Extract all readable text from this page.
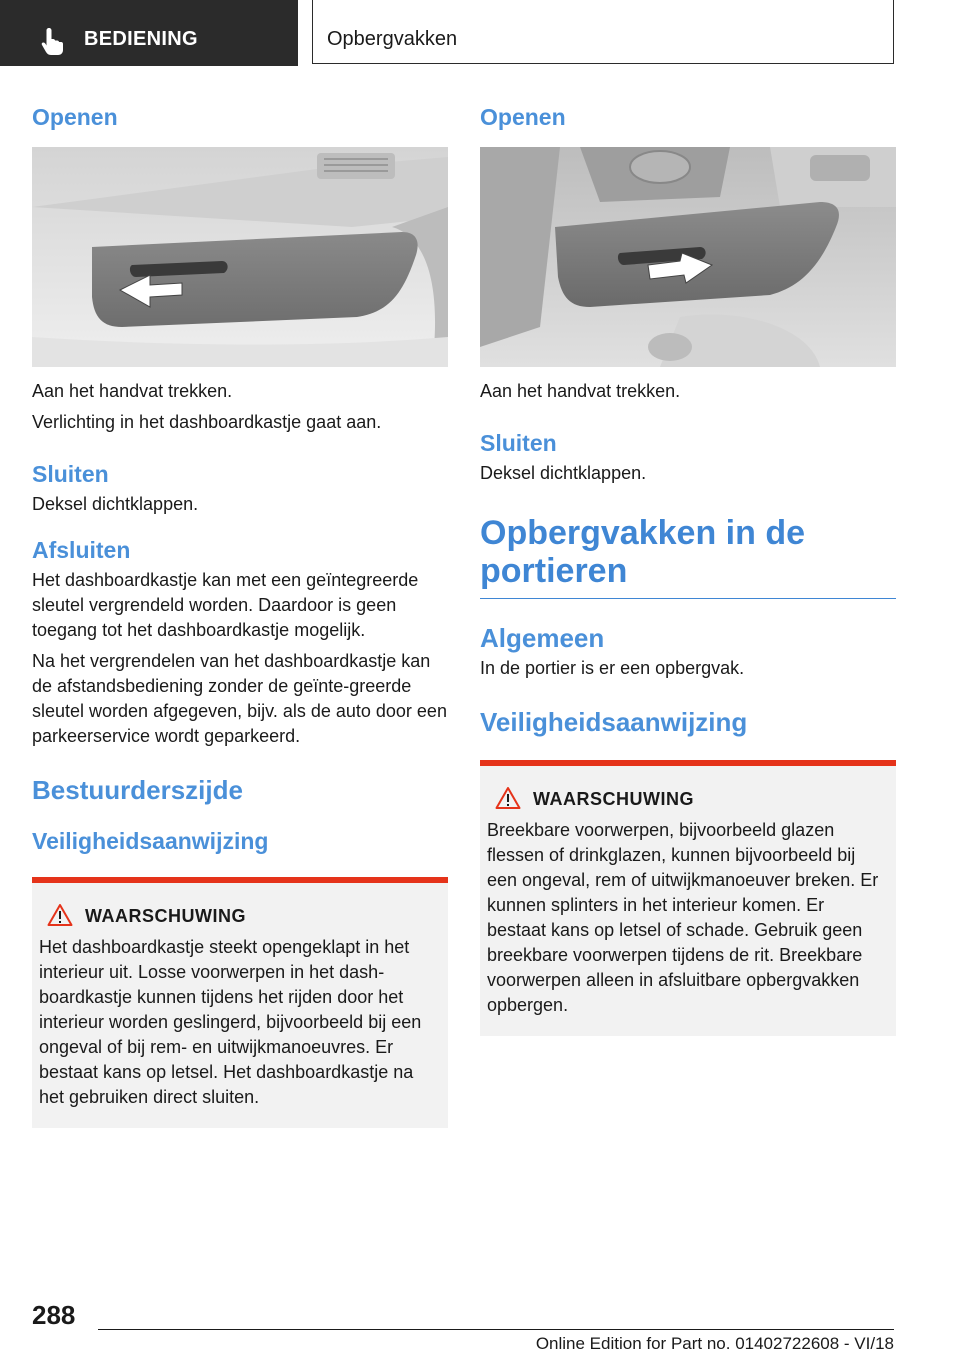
BEDIENING	Opbergvakken
Openen

Aan het handvat trekken.

Verlichting in het dashboardkastje gaat aan.

Sluiten

Deksel dichtklappen.

Afsluiten

Het dashboardkastje kan met een geïntegreerde sleutel vergrendeld worden. Daardoor is geen toegang tot het dashboardkastje mogelijk.

Na het vergrendelen van het dashboardkastje kan de afstandsbediening zonder de geïnte-greerde sleutel worden afgegeven, bijv. als de auto door een parkeerservice wordt geparkeerd.

Bestuurderszijde
Veiligheidsaanwijzing
WAARSCHUWING

Het dashboardkastje steekt opengeklapt in het interieur uit. Losse voorwerpen in het dash-boardkastje kunnen tijdens het rijden door het interieur worden geslingerd, bijvoorbeeld bij een ongeval of bij rem- en uitwijkmanoeuvres. Er bestaat kans op letsel. Het dashboardkastje na het gebruiken direct sluiten.

Openen

Aan het handvat trekken.

Sluiten

Deksel dichtklappen.

Opbergvakken in de portieren
Algemeen

In de portier is er een opbergvak.

Veiligheidsaanwijzing
WAARSCHUWING

Breekbare voorwerpen, bijvoorbeeld glazen flessen of drinkglazen, kunnen bijvoorbeeld bij een ongeval, rem of uitwijkmanoeuver breken. Er kunnen splinters in het interieur komen. Er bestaat kans op letsel of schade. Gebruik geen breekbare voorwerpen tijdens de rit. Breekbare voorwerpen alleen in afsluitbare opbergvakken opbergen.

288
Online Edition for Part no. 01402722608 - VI/18
